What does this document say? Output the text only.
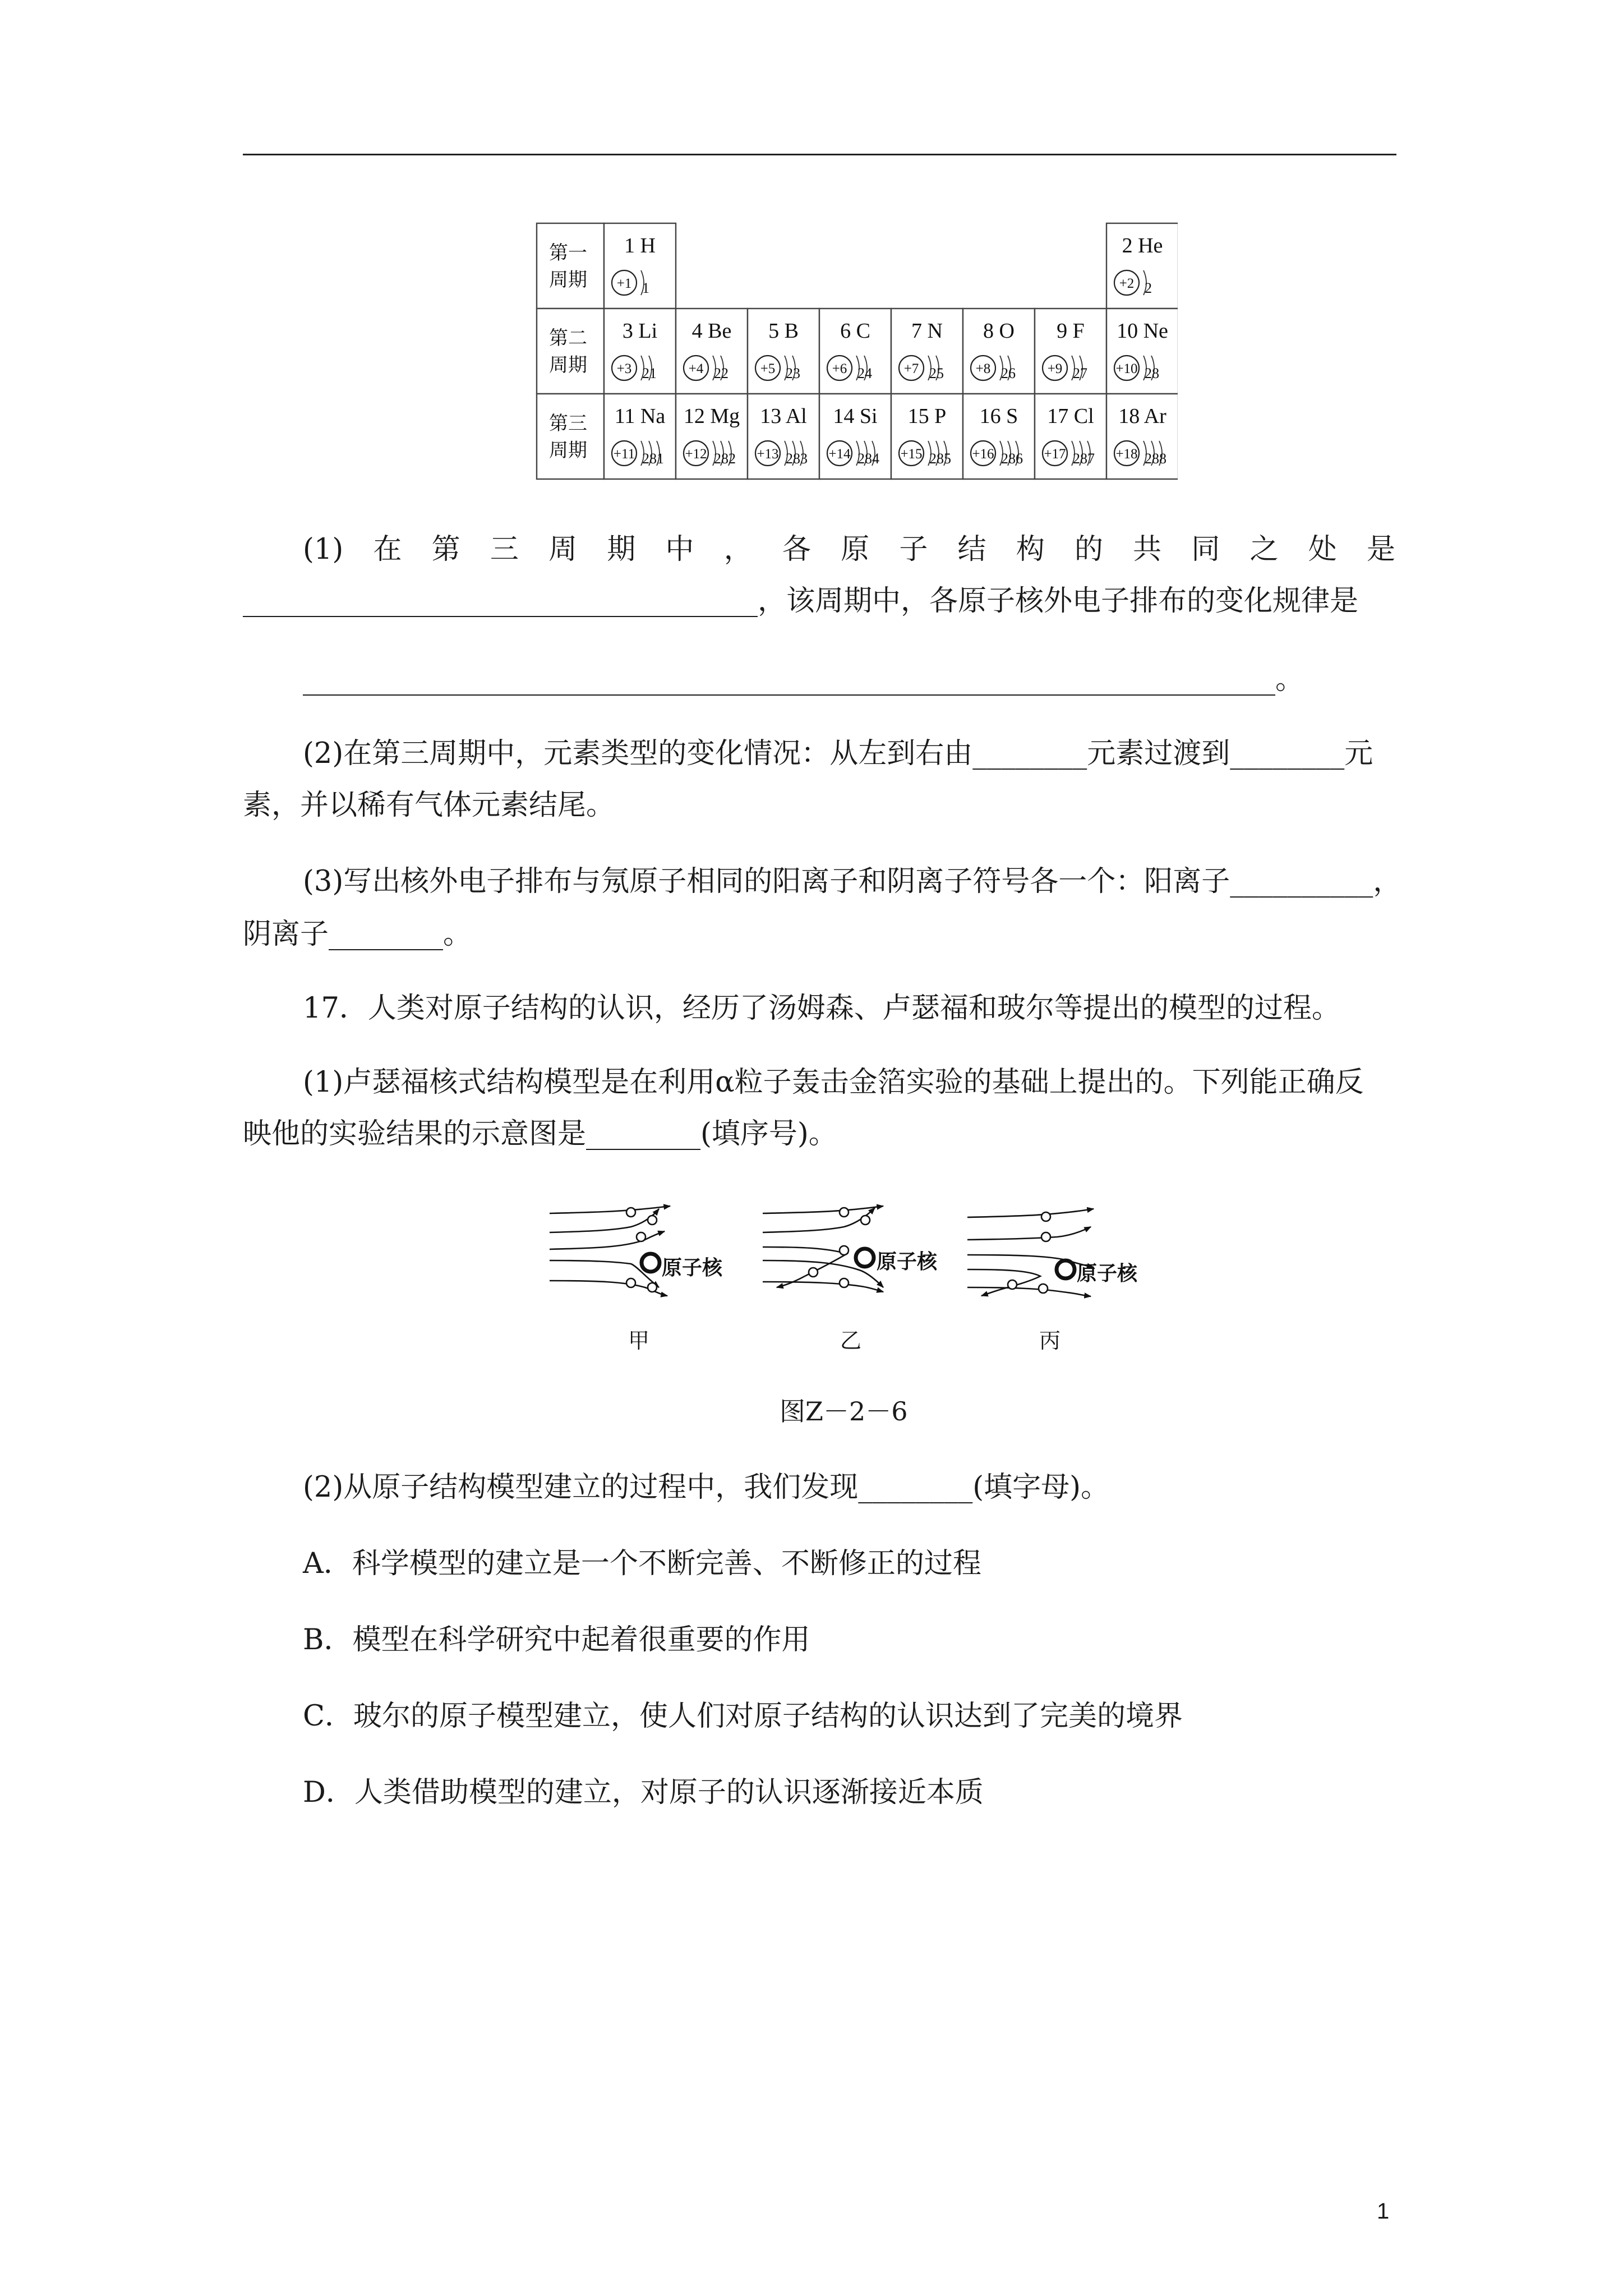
第一
周期
1 H
+1 1
2 He
+2 2
第二
周期
3 Li
+3 21
4 Be
+4 22
5 B
+5 23
6 C
+6 24
7 N
+7 25
8 O
+8 26
9 F
+9 27
10 Ne
+10 28
第三
周期
11 Na
+11 281
12 Mg
+12 282
13 Al
+13 283
14 Si
+14 284
15 P
+15 285
16 S
+16 286
17 Cl
+17 287
18 Ar
+18 288
(1)在第三周期中，各原子结构的共同之处是
____________________________________，该周期中，各原子核外电子排布的变化规律是
____________________________________________________________________。
(2)在第三周期中，元素类型的变化情况：从左到右由________元素过渡到________元
素，并以稀有气体元素结尾。
(3)写出核外电子排布与氖原子相同的阳离子和阴离子符号各一个：阳离子__________，
阴离子________。
17．人类对原子结构的认识，经历了汤姆森、卢瑟福和玻尔等提出的模型的过程。
(1)卢瑟福核式结构模型是在利用α粒子轰击金箔实验的基础上提出的。下列能正确反
映他的实验结果的示意图是________(填序号)。
原子核
甲
原子核
乙
原子核
丙
图Z－2－6
(2)从原子结构模型建立的过程中，我们发现________(填字母)。
A．科学模型的建立是一个不断完善、不断修正的过程
B．模型在科学研究中起着很重要的作用
C．玻尔的原子模型建立，使人们对原子结构的认识达到了完美的境界
D．人类借助模型的建立，对原子的认识逐渐接近本质
1
